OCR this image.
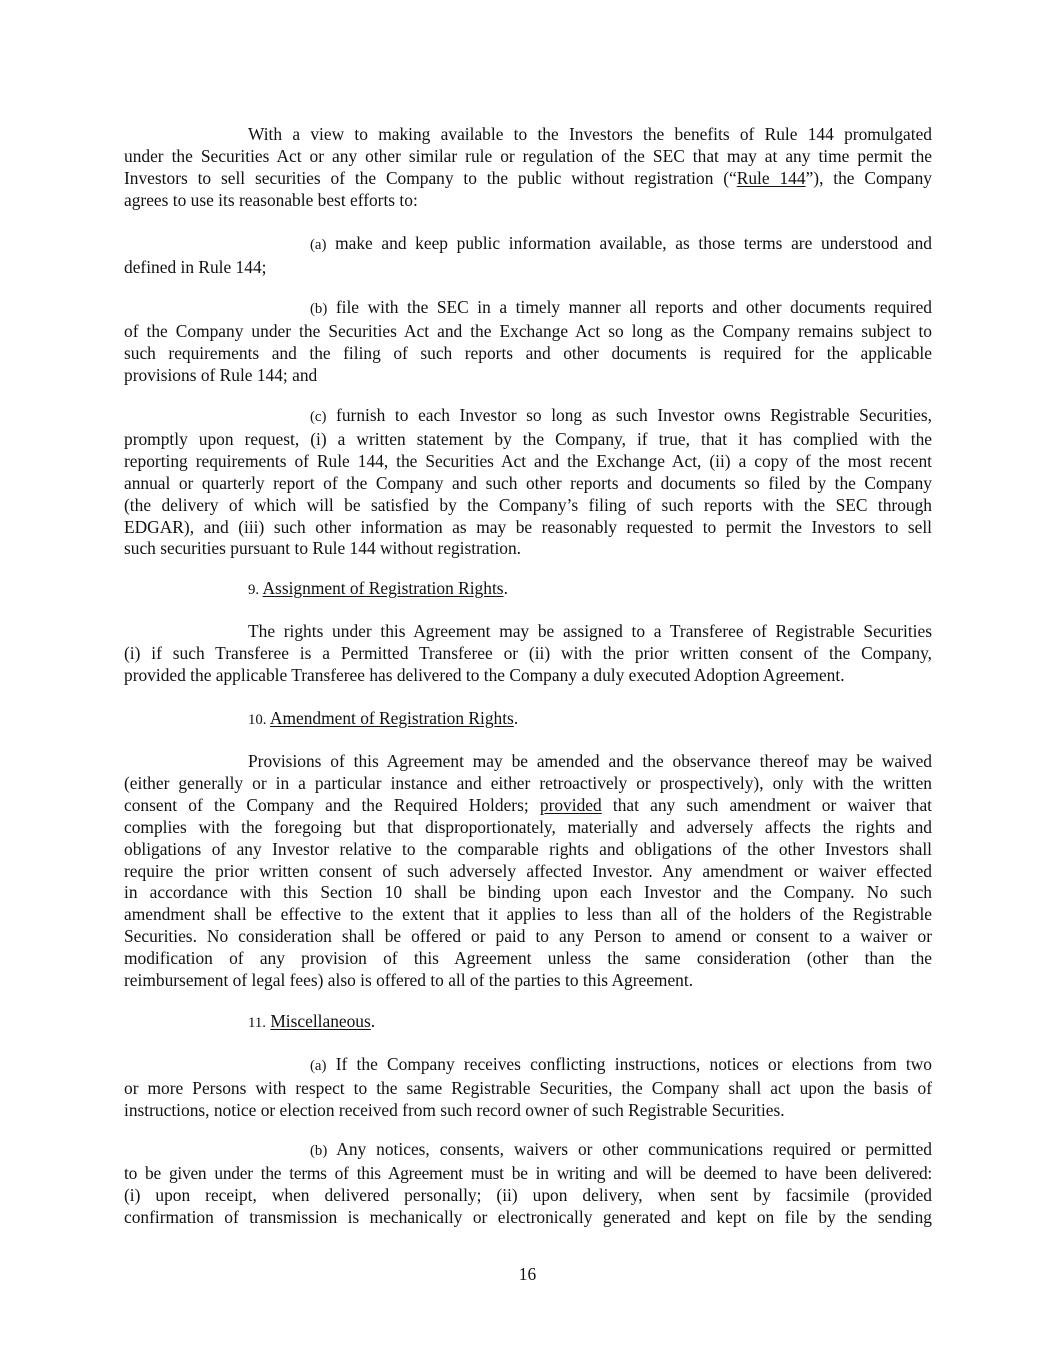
With a view to making available to the Investors the benefits of Rule 144 promulgated
under the Securities Act or any other similar rule or regulation of the SEC that may at any time permit the
Investors to sell securities of the Company to the public without registration (“Rule 144”), the Company
agrees to use its reasonable best efforts to:

(a) make and keep public information available, as those terms are understood and
defined in Rule 144;

(b) file with the SEC in a timely manner all reports and other documents required
of the Company under the Securities Act and the Exchange Act so long as the Company remains subject to
such requirements and the filing of such reports and other documents is required for the applicable
provisions of Rule 144; and

(c) furnish to each Investor so long as such Investor owns Registrable Securities,
promptly upon request, (i) a written statement by the Company, if true, that it has complied with the
reporting requirements of Rule 144, the Securities Act and the Exchange Act, (ii) a copy of the most recent
annual or quarterly report of the Company and such other reports and documents so filed by the Company
(the delivery of which will be satisfied by the Company’s filing of such reports with the SEC through
EDGAR), and (iii) such other information as may be reasonably requested to permit the Investors to sell
such securities pursuant to Rule 144 without registration.

9. Assignment of Registration Rights.

The rights under this Agreement may be assigned to a Transferee of Registrable Securities
(i) if such Transferee is a Permitted Transferee or (ii) with the prior written consent of the Company,
provided the applicable Transferee has delivered to the Company a duly executed Adoption Agreement.

10. Amendment of Registration Rights.

Provisions of this Agreement may be amended and the observance thereof may be waived
(either generally or in a particular instance and either retroactively or prospectively), only with the written
consent of the Company and the Required Holders; provided that any such amendment or waiver that
complies with the foregoing but that disproportionately, materially and adversely affects the rights and
obligations of any Investor relative to the comparable rights and obligations of the other Investors shall
require the prior written consent of such adversely affected Investor. Any amendment or waiver effected
in accordance with this Section 10 shall be binding upon each Investor and the Company. No such
amendment shall be effective to the extent that it applies to less than all of the holders of the Registrable
Securities. No consideration shall be offered or paid to any Person to amend or consent to a waiver or
modification of any provision of this Agreement unless the same consideration (other than the
reimbursement of legal fees) also is offered to all of the parties to this Agreement.

11. Miscellaneous.

(a) If the Company receives conflicting instructions, notices or elections from two
or more Persons with respect to the same Registrable Securities, the Company shall act upon the basis of
instructions, notice or election received from such record owner of such Registrable Securities.

(b) Any notices, consents, waivers or other communications required or permitted
to be given under the terms of this Agreement must be in writing and will be deemed to have been delivered:
(i) upon receipt, when delivered personally; (ii) upon delivery, when sent by facsimile (provided
confirmation of transmission is mechanically or electronically generated and kept on file by the sending

16
